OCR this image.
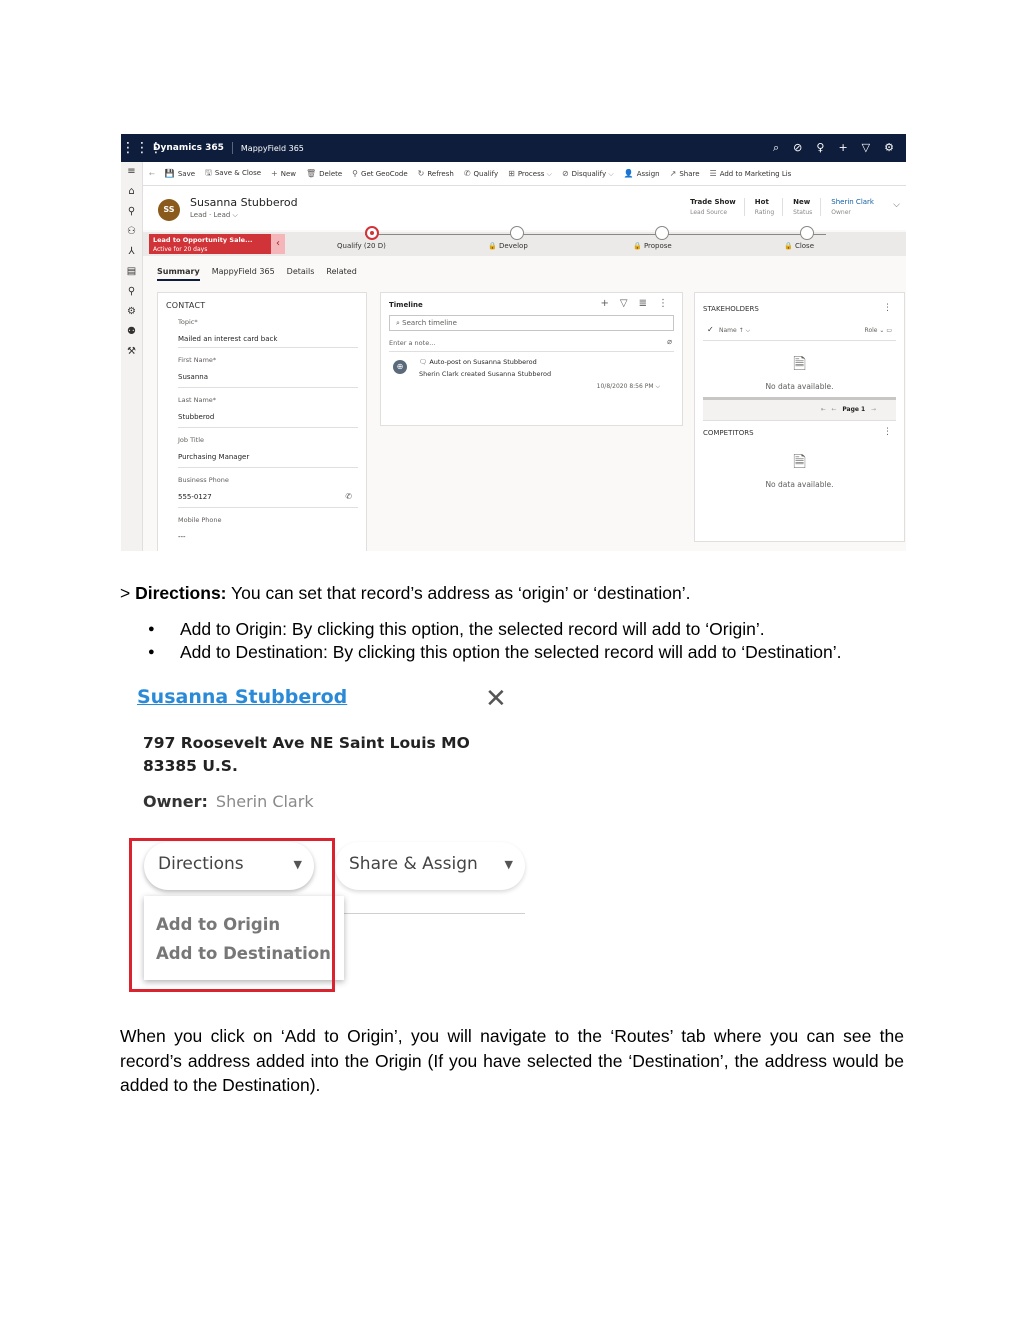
⋮⋮⋮
Dynamics 365	MappyField 365	⌕ ⊘ ♀ + ▽ ⚙
≡
⌂
⚲
⚇
⅄
▤
⚲
⚙
⚉
⚒
← 💾 Save 🖫 Save & Close + New 🗑 Delete ⚲ Get GeoCode ↻ Refresh ✆ Qualify ⊞ Process ⌵ ⊘ Disqualify ⌵ 👤 Assign ↗ Share ☰ Add to Marketing Lis
SS
Susanna Stubberod
Lead · Lead ⌵
Trade Show
Lead Source
Hot
Rating
New
Status
Sherin Clark
Owner
⌵
Lead to Opportunity Sale...
Active for 20 days
‹	Qualify (20 D)	🔒 Develop	🔒 Propose	🔒 Close
Summary MappyField 365 Details Related
CONTACT
Topic*
Mailed an interest card back
First Name*
Susanna
Last Name*
Stubberod
Job Title
Purchasing Manager
Business Phone
555-0127	✆
Mobile Phone
---
Timeline	+ ▽ ≣ ⋮
⌕ Search timeline
Enter a note...	⌀
⊕	🗨 Auto-post on Susanna Stubberod
Sherin Clark created Susanna Stubberod
10/8/2020 8:56 PM ⌵
STAKEHOLDERS	⋮
✓ Name ↑ ⌵	Role ⌄ ▭
🗎
No data available.
⇤ ← Page 1 →
COMPETITORS	⋮
🗎
No data available.
> Directions: You can set that record’s address as ‘origin’ or ‘destination’.
● Add to Origin: By clicking this option, the selected record will add to ‘Origin’.
● Add to Destination: By clicking this option the selected record will add to ‘Destination’.
Susanna Stubberod	✕
797 Roosevelt Ave NE Saint Louis MO 83385 U.S.
Owner: Sherin Clark
Directions	▼	Share & Assign ▼
Add to Origin
Add to Destination
When you click on ‘Add to Origin’, you will navigate to the ‘Routes’ tab where you can see the record’s address added into the Origin (If you have selected the ‘Destination’, the address would be added to the Destination).
